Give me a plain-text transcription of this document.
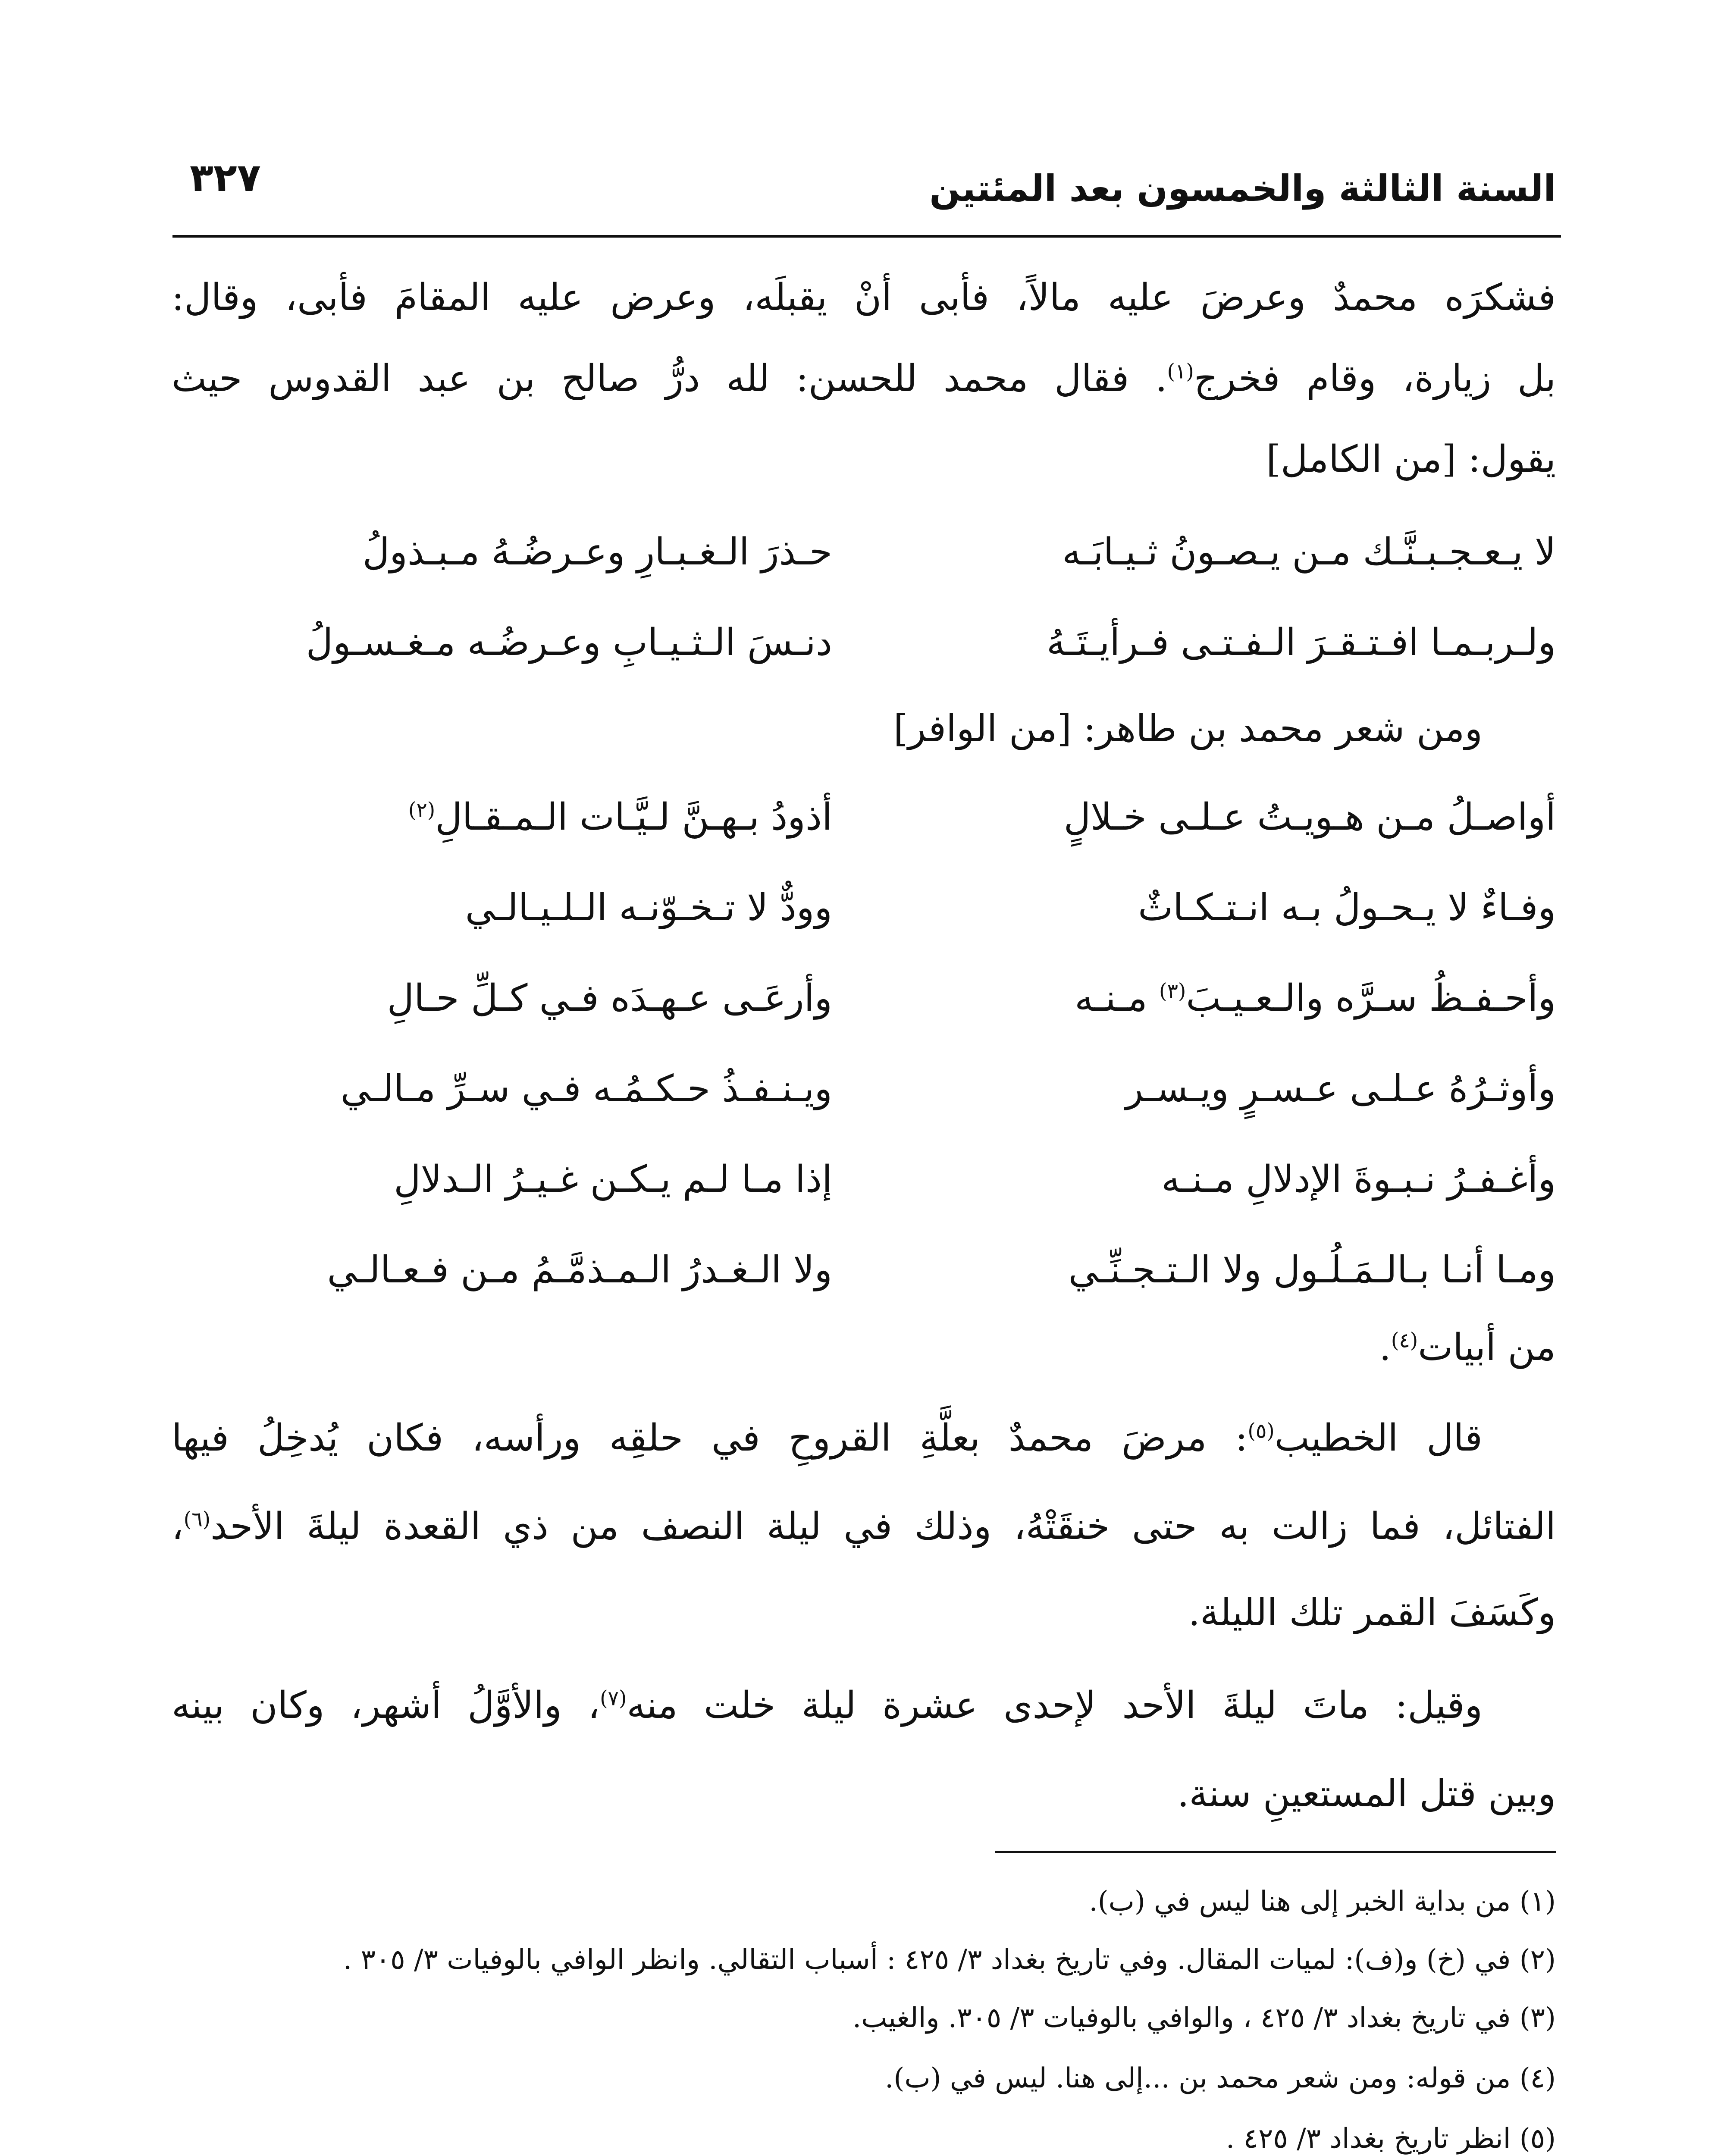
السنة الثالثة والخمسون بعد المئتين
٣٢٧
فشكرَه محمدٌ وعرضَ عليه مالاً، فأبى أنْ يقبلَه، وعرض عليه المقامَ فأبى، وقال:
بل زيارة، وقام فخرج$^{(١)}$. فقال محمد للحسن: لله درُّ صالح بن عبد القدوس حيث
يقول: [من الكامل]
لا يـعـجـبـنَّـك مـن يـصـونُ ثـيـابَـه
حـذرَ الـغـبـارِ وعـرضُـهُ مـبـذولُ
ولـربـمـا افـتـقـرَ الـفـتـى فـرأيـتَـهُ
دنـسَ الـثـيـابِ وعـرضُـه مـغـسـولُ
ومن شعر محمد بن طاهر: [من الوافر]
أواصـلُ مـن هـويـتُ عـلـى خـلالٍ
أذودُ بـهـنَّ لـيَّـات الـمـقـالِ$^{(٢)}$
وفـاءٌ لا يـحـولُ بـه انـتـكـاثٌ
وودٌّ لا تـخـوّنـه الـلـيـالـي
وأحـفـظُ سـرَّه والـعـيـبَ$^{(٣)}$ مـنـه
وأرعَـى عـهـدَه فـي كـلِّ حـالِ
وأوثـرُهُ عـلـى عـسـرٍ ويـسـر
ويـنـفـذُ حـكـمُـه فـي سـرِّ مـالـي
وأغـفـرُ نـبـوةَ الإدلالِ مـنـه
إذا مـا لـم يـكـن غـيـرُ الـدلالِ
ومـا أنـا بـالـمَـلُـول ولا الـتـجـنِّـي
ولا الـغـدرُ الـمـذمَّـمُ مـن فـعـالـي
من أبيات$^{(٤)}$.
قال الخطيب$^{(٥)}$: مرضَ محمدٌ بعلَّةِ القروحِ في حلقِه ورأسه، فكان يُدخِلُ فيها
الفتائل، فما زالت به حتى خنقَتْهُ، وذلك في ليلة النصف من ذي القعدة ليلةَ الأحد$^{(٦)}$،
وكَسَفَ القمر تلك الليلة.
وقيل: ماتَ ليلةَ الأحد لإحدى عشرة ليلة خلت منه$^{(٧)}$، والأوَّلُ أشهر، وكان بينه
وبين قتل المستعينِ سنة.
(١) من بداية الخبر إلى هنا ليس في (ب).
(٢) في (خ) و(ف): لميات المقال. وفي تاريخ بغداد ٣/ ٤٢٥ : أسباب التقالي. وانظر الوافي بالوفيات ٣/ ٣٠٥ .
(٣) في تاريخ بغداد ٣/ ٤٢٥ ، والوافي بالوفيات ٣/ ٣٠٥. والغيب.
(٤) من قوله: ومن شعر محمد بن ...إلى هنا. ليس في (ب).
(٥) انظر تاريخ بغداد ٣/ ٤٢٥ .
